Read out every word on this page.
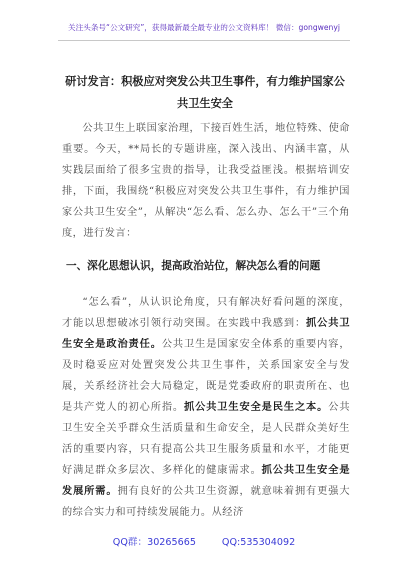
关注头条号“公文研究”，获得最新最全最专业的公文资料库！ 微信：gongwenyj
研讨发言：积极应对突发公共卫生事件，有力维护国家公共卫生安全

公共卫生上联国家治理，下接百姓生活，地位特殊、使命重要。今天，**局长的专题讲座，深入浅出、内涵丰富，从实践层面给了很多宝贵的指导，让我受益匪浅。根据培训安排，下面，我围绕“积极应对突发公共卫生事件，有力维护国家公共卫生安全”，从解决“怎么看、怎么办、怎么干”三个角度，进行发言：

一、深化思想认识，提高政治站位，解决怎么看的问题

“怎么看”，从认识论角度，只有解决好看问题的深度，才能以思想破冰引领行动突围。在实践中我感到：抓公共卫生安全是政治责任。公共卫生是国家安全体系的重要内容，及时稳妥应对处置突发公共卫生事件，关系国家安全与发展，关系经济社会大局稳定，既是党委政府的职责所在、也是共产党人的初心所指。抓公共卫生安全是民生之本。公共卫生安全关乎群众生活质量和生命安全，是人民群众美好生活的重要内容，只有提高公共卫生服务质量和水平，才能更好满足群众多层次、多样化的健康需求。抓公共卫生安全是发展所需。拥有良好的公共卫生资源，就意味着拥有更强大的综合实力和可持续发展能力。从经济

QQ群：30265665	QQ:535304092
